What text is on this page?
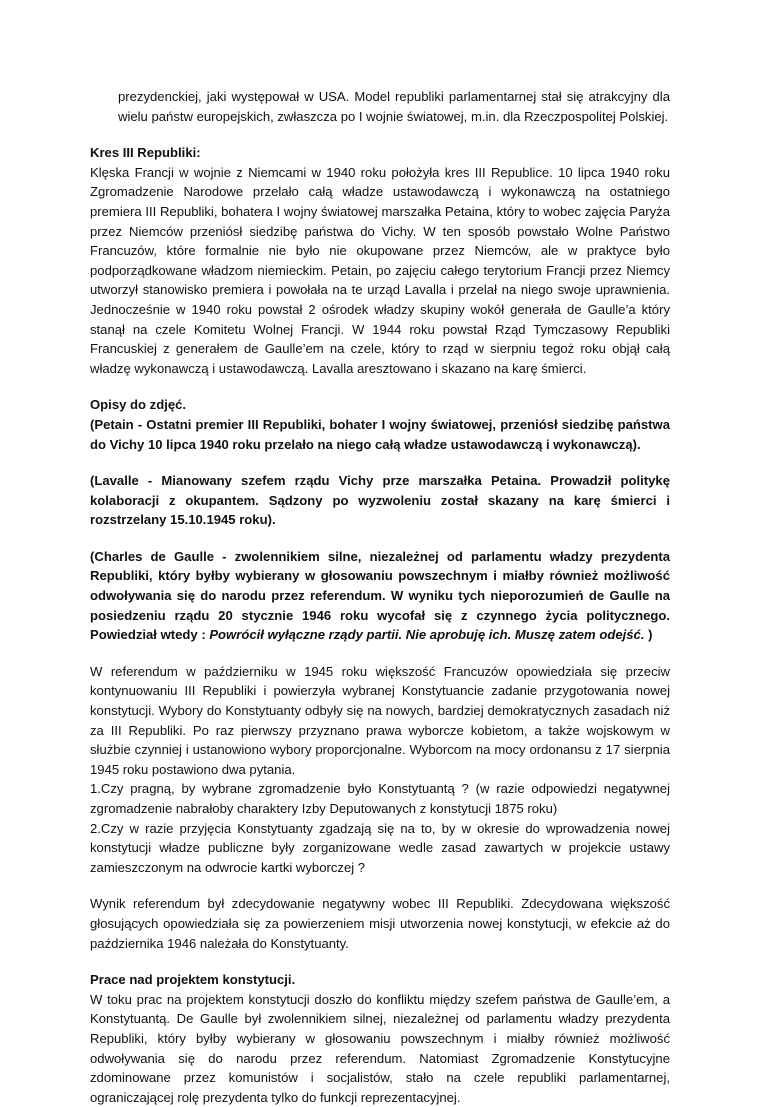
prezydenckiej, jaki występował w USA. Model republiki parlamentarnej stał się atrakcyjny dla wielu państw europejskich, zwłaszcza po I wojnie światowej, m.in. dla Rzeczpospolitej Polskiej.

Kres III Republiki:

Klęska Francji w wojnie z Niemcami w 1940 roku położyła kres III Republice. 10 lipca 1940 roku Zgromadzenie Narodowe przelało całą władze ustawodawczą i wykonawczą na ostatniego premiera III Republiki, bohatera I wojny światowej marszałka Petaina, który to wobec zajęcia Paryża przez Niemców przeniósł siedzibę państwa do Vichy. W ten sposób powstało Wolne Państwo Francuzów, które formalnie nie było nie okupowane przez Niemców, ale w praktyce było podporządkowane władzom niemieckim. Petain, po zajęciu całego terytorium Francji przez Niemcy utworzył stanowisko premiera i powołała na te urząd Lavalla i przelał na niego swoje uprawnienia. Jednocześnie w 1940 roku powstał 2 ośrodek władzy skupiny wokół generała de Gaulle’a który stanął na czele Komitetu Wolnej Francji. W 1944 roku powstał Rząd Tymczasowy Republiki Francuskiej z generałem de Gaulle’em na czele, który to rząd w sierpniu tegoż roku objął całą władzę wykonawczą i ustawodawczą. Lavalla aresztowano i skazano na karę śmierci.

Opisy do zdjęć.

(Petain - Ostatni premier III Republiki, bohater I wojny światowej, przeniósł siedzibę państwa do Vichy 10 lipca 1940 roku przelało na niego całą władze ustawodawczą i wykonawczą).

(Lavalle - Mianowany szefem rządu Vichy prze marszałka Petaina. Prowadził politykę kolaboracji z okupantem. Sądzony po wyzwoleniu został skazany na karę śmierci i rozstrzelany 15.10.1945 roku).

(Charles de Gaulle - zwolennikiem silne, niezależnej od parlamentu władzy prezydenta Republiki, który byłby wybierany w głosowaniu powszechnym i miałby również możliwość odwoływania się do narodu przez referendum. W wyniku tych nieporozumień de Gaulle na posiedzeniu rządu 20 stycznie 1946 roku wycofał się z czynnego życia politycznego. Powiedział wtedy : Powrócił wyłączne rządy partii. Nie aprobuję ich. Muszę zatem odejść. )

W referendum w październiku w 1945 roku większość Francuzów opowiedziała się przeciw kontynuowaniu III Republiki i powierzyła wybranej Konstytuancie zadanie przygotowania nowej konstytucji. Wybory do Konstytuanty odbyły się na nowych, bardziej demokratycznych zasadach niż za III Republiki. Po raz pierwszy przyznano prawa wyborcze kobietom, a także wojskowym w służbie czynniej i ustanowiono wybory proporcjonalne. Wyborcom na mocy ordonansu z 17 sierpnia 1945 roku postawiono dwa pytania.

1.Czy pragną, by wybrane zgromadzenie było Konstytuantą ? (w razie odpowiedzi negatywnej zgromadzenie nabrałoby charaktery Izby Deputowanych z konstytucji 1875 roku)

2.Czy w razie przyjęcia Konstytuanty zgadzają się na to, by w okresie do wprowadzenia nowej konstytucji władze publiczne były zorganizowane wedle zasad zawartych w projekcie ustawy zamieszczonym na odwrocie kartki wyborczej ?

Wynik referendum był zdecydowanie negatywny wobec III Republiki. Zdecydowana większość głosujących opowiedziała się za powierzeniem misji utworzenia nowej konstytucji, w efekcie aż do października 1946 należała do Konstytuanty.

Prace nad projektem konstytucji.

W toku prac na projektem konstytucji doszło do konfliktu między szefem państwa de Gaulle’em, a Konstytuantą. De Gaulle był zwolennikiem silnej, niezależnej od parlamentu władzy prezydenta Republiki, który byłby wybierany w głosowaniu powszechnym i miałby również możliwość odwoływania się do narodu przez referendum. Natomiast Zgromadzenie Konstytucyjne zdominowane przez komunistów i socjalistów, stało na czele republiki parlamentarnej, ograniczającej rolę prezydenta tylko do funkcji reprezentacyjnej.
